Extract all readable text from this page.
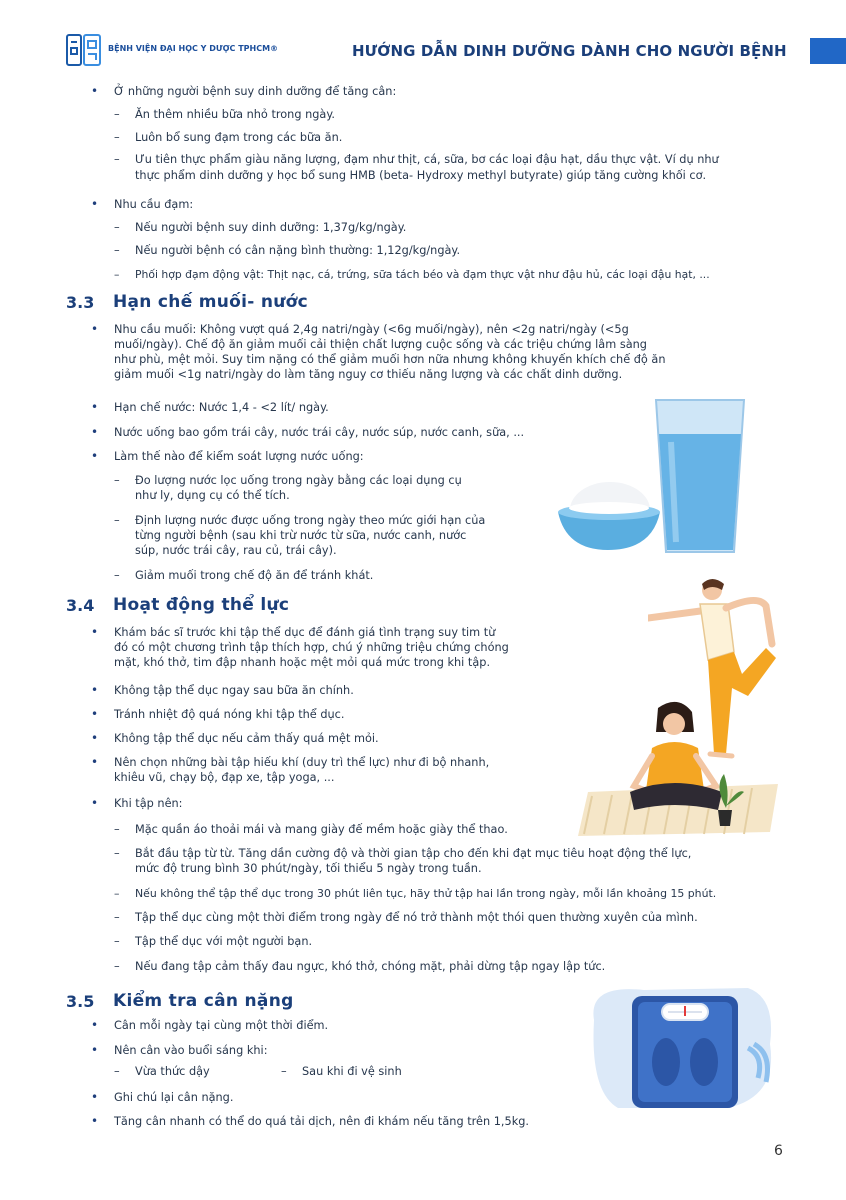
BỆNH VIỆN ĐẠI HỌC Y DƯỢC TPHCM®	HƯỚNG DẪN DINH DƯỠNG DÀNH CHO NGƯỜI BỆNH
• Ở những người bệnh suy dinh dưỡng để tăng cân:
– Ăn thêm nhiều bữa nhỏ trong ngày.
– Luôn bổ sung đạm trong các bữa ăn.
– Ưu tiên thực phẩm giàu năng lượng, đạm như thịt, cá, sữa, bơ các loại đậu hạt, dầu thực vật. Ví dụ như
thực phẩm dinh dưỡng y học bổ sung HMB (beta- Hydroxy methyl butyrate) giúp tăng cường khối cơ.
• Nhu cầu đạm:
– Nếu người bệnh suy dinh dưỡng: 1,37g/kg/ngày.
– Nếu người bệnh có cân nặng bình thường: 1,12g/kg/ngày.
– Phối hợp đạm động vật: Thịt nạc, cá, trứng, sữa tách béo và đạm thực vật như đậu hủ, các loại đậu hạt, ...
3.3 Hạn chế muối- nước
• Nhu cầu muối: Không vượt quá 2,4g natri/ngày (<6g muối/ngày), nên <2g natri/ngày (<5g
muối/ngày). Chế độ ăn giảm muối cải thiện chất lượng cuộc sống và các triệu chứng lâm sàng
như phù, mệt mỏi. Suy tim nặng có thể giảm muối hơn nữa nhưng không khuyến khích chế độ ăn
giảm muối <1g natri/ngày do làm tăng nguy cơ thiếu năng lượng và các chất dinh dưỡng.
• Hạn chế nước: Nước 1,4 - <2 lít/ ngày.
• Nước uống bao gồm trái cây, nước trái cây, nước súp, nước canh, sữa, ...
• Làm thế nào để kiểm soát lượng nước uống:
– Đo lượng nước lọc uống trong ngày bằng các loại dụng cụ
như ly, dụng cụ có thể tích.
– Định lượng nước được uống trong ngày theo mức giới hạn của
từng người bệnh (sau khi trừ nước từ sữa, nước canh, nước
súp, nước trái cây, rau củ, trái cây).
– Giảm muối trong chế độ ăn để tránh khát.
3.4 Hoạt động thể lực
• Khám bác sĩ trước khi tập thể dục để đánh giá tình trạng suy tim từ
đó có một chương trình tập thích hợp, chú ý những triệu chứng chóng
mặt, khó thở, tim đập nhanh hoặc mệt mỏi quá mức trong khi tập.
• Không tập thể dục ngay sau bữa ăn chính.
• Tránh nhiệt độ quá nóng khi tập thể dục.
• Không tập thể dục nếu cảm thấy quá mệt mỏi.
• Nên chọn những bài tập hiếu khí (duy trì thể lực) như đi bộ nhanh,
khiêu vũ, chạy bộ, đạp xe, tập yoga, ...
• Khi tập nên:
– Mặc quần áo thoải mái và mang giày đế mềm hoặc giày thể thao.
– Bắt đầu tập từ từ. Tăng dần cường độ và thời gian tập cho đến khi đạt mục tiêu hoạt động thể lực,
mức độ trung bình 30 phút/ngày, tối thiểu 5 ngày trong tuần.
– Nếu không thể tập thể dục trong 30 phút liên tục, hãy thử tập hai lần trong ngày, mỗi lần khoảng 15 phút.
– Tập thể dục cùng một thời điểm trong ngày để nó trở thành một thói quen thường xuyên của mình.
– Tập thể dục với một người bạn.
– Nếu đang tập cảm thấy đau ngực, khó thở, chóng mặt, phải dừng tập ngay lập tức.
3.5 Kiểm tra cân nặng
• Cân mỗi ngày tại cùng một thời điểm.
• Nên cân vào buổi sáng khi:
– Vừa thức dậy
–	Sau khi đi vệ sinh
• Ghi chú lại cân nặng.
• Tăng cân nhanh có thể do quá tải dịch, nên đi khám nếu tăng trên 1,5kg.
6
